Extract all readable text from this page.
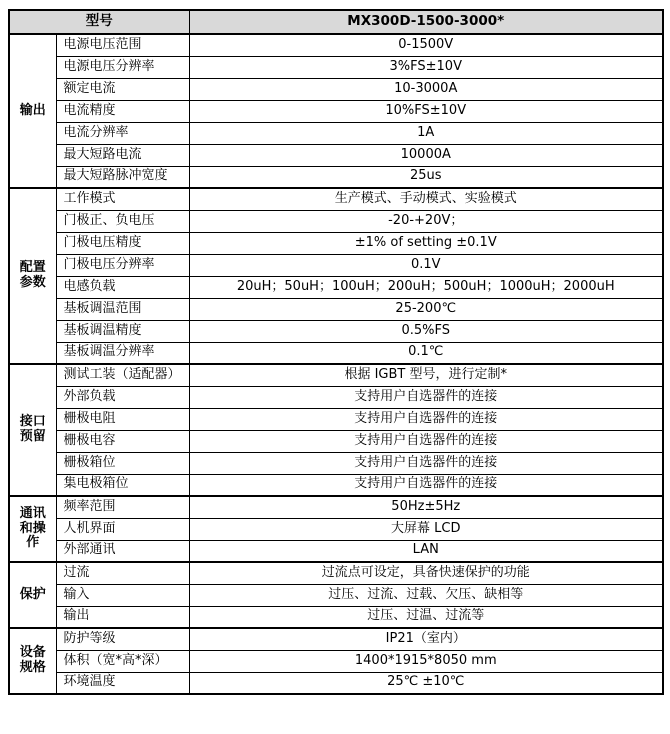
型号		MX300D-1500-3000*
输出	电源电压范围	0-1500V
	电源电压分辨率	3%FS±10V
	额定电流	10-3000A
	电流精度	10%FS±10V
	电流分辨率	1A
	最大短路电流	10000A
	最大短路脉冲宽度	25us
配置参数	工作模式	生产模式、手动模式、实验模式
	门极正、负电压	-20-+20V；
	门极电压精度	±1% of setting ±0.1V
	门极电压分辨率	0.1V
	电感负载	20uH；50uH；100uH；200uH；500uH；1000uH；2000uH
	基板调温范围	25-200℃
	基板调温精度	0.5%FS
	基板调温分辨率	0.1℃
接口预留	测试工装（适配器）	根据 IGBT 型号，进行定制*
	外部负载	支持用户自选器件的连接
	栅极电阻	支持用户自选器件的连接
	栅极电容	支持用户自选器件的连接
	栅极箱位	支持用户自选器件的连接
	集电极箱位	支持用户自选器件的连接
通讯和操作	频率范围	50Hz±5Hz
	人机界面	大屏幕 LCD
	外部通讯	LAN
保护	过流	过流点可设定，具备快速保护的功能
	输入	过压、过流、过载、欠压、缺相等
	输出	过压、过温、过流等
设备规格	防护等级	IP21（室内）
	体积（宽*高*深）	1400*1915*8050 mm
	环境温度	25℃ ±10℃
